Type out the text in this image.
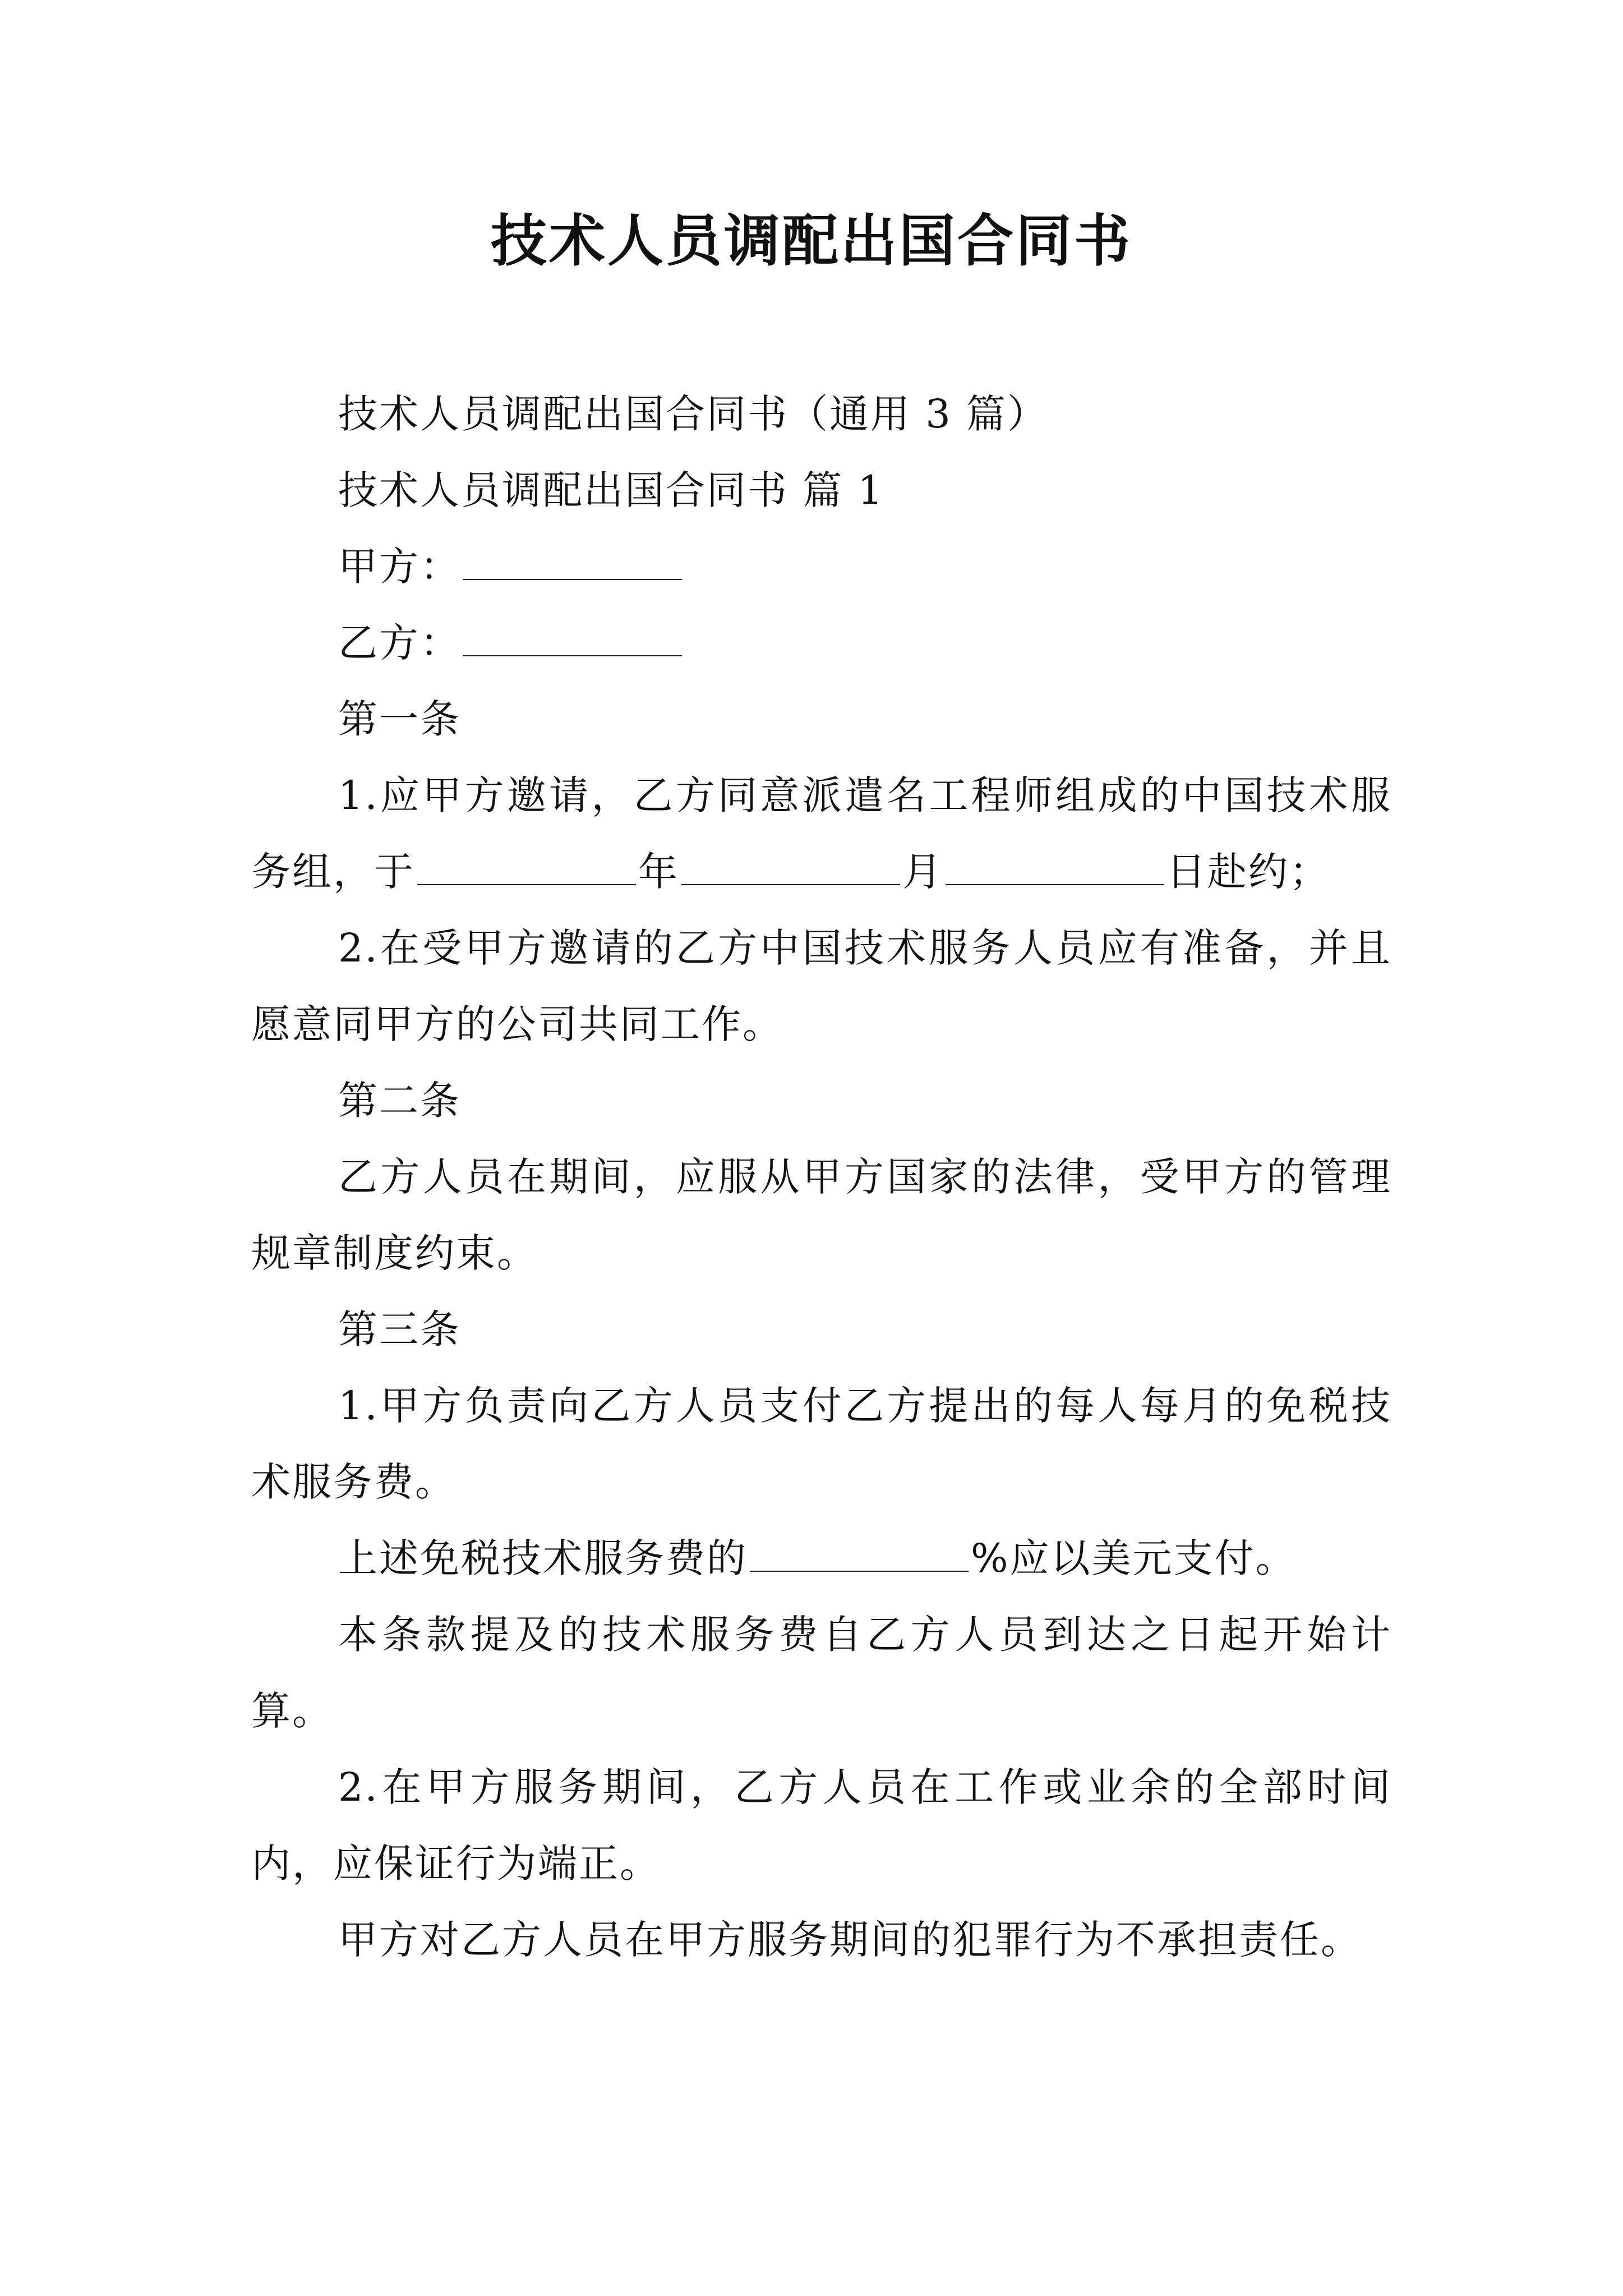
技术人员调配出国合同书

技术人员调配出国合同书（通用 3 篇）

技术人员调配出国合同书 篇 1

甲方：

乙方：

第一条

1.应甲方邀请，乙方同意派遣名工程师组成的中国技术服务组，于	年	月	日赴约；

2.在受甲方邀请的乙方中国技术服务人员应有准备，并且愿意同甲方的公司共同工作。

第二条

乙方人员在期间，应服从甲方国家的法律，受甲方的管理规章制度约束。

第三条

1.甲方负责向乙方人员支付乙方提出的每人每月的免税技术服务费。

上述免税技术服务费的	%应以美元支付。

本条款提及的技术服务费自乙方人员到达之日起开始计算。

2.在甲方服务期间，乙方人员在工作或业余的全部时间内，应保证行为端正。

甲方对乙方人员在甲方服务期间的犯罪行为不承担责任。
